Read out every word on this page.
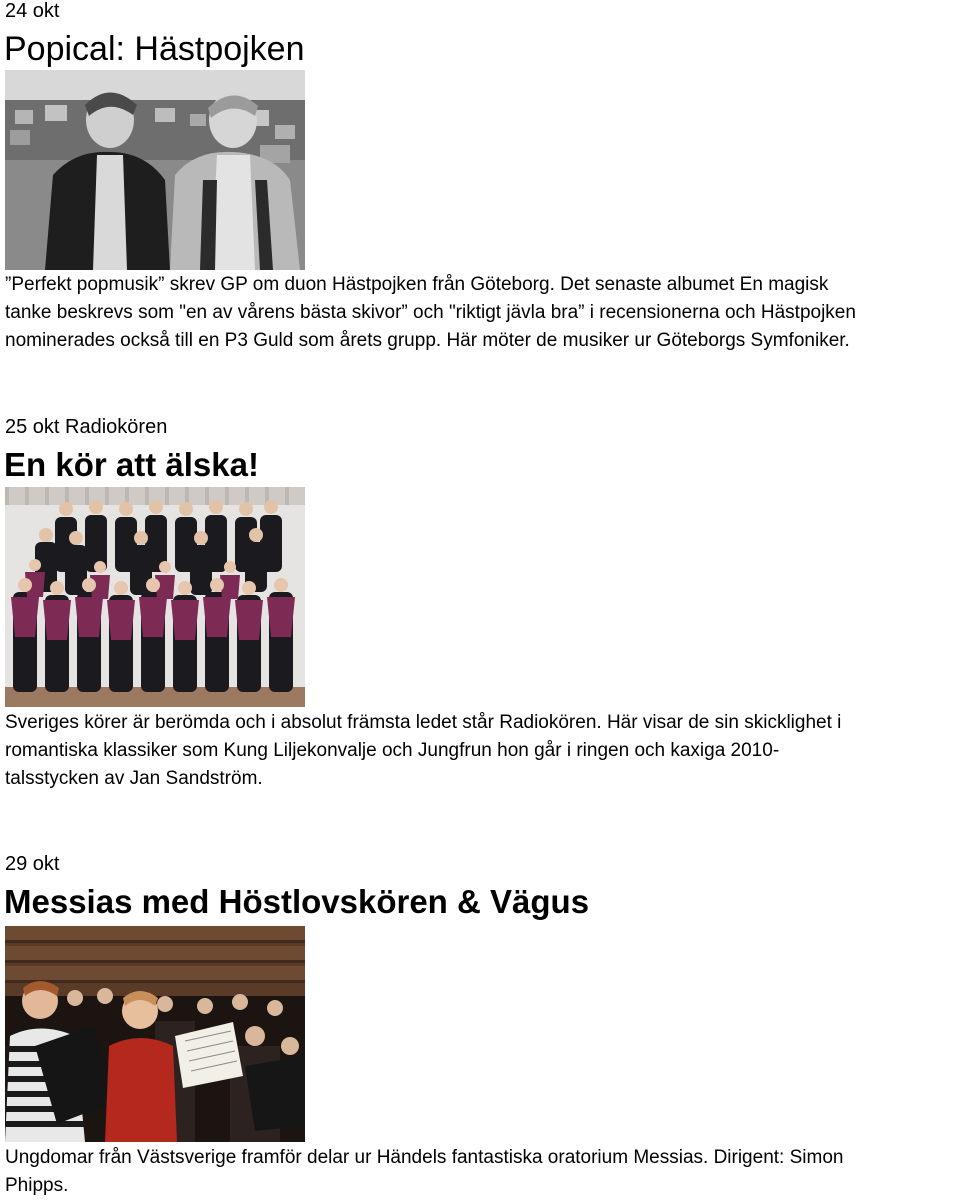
24 okt
Popical: Hästpojken
”Perfekt popmusik” skrev GP om duon Hästpojken från Göteborg. Det senaste albumet En magisk
tanke beskrevs som "en av vårens bästa skivor” och "riktigt jävla bra” i recensionerna och Hästpojken
nominerades också till en P3 Guld som årets grupp. Här möter de musiker ur Göteborgs Symfoniker.
25 okt Radiokören
En kör att älska!
Sveriges körer är berömda och i absolut främsta ledet står Radiokören. Här visar de sin skicklighet i
romantiska klassiker som Kung Liljekonvalje och Jungfrun hon går i ringen och kaxiga 2010-
talsstycken av Jan Sandström.
29 okt
Messias med Höstlovskören & Vägus
Ungdomar från Västsverige framför delar ur Händels fantastiska oratorium Messias. Dirigent: Simon
Phipps.
